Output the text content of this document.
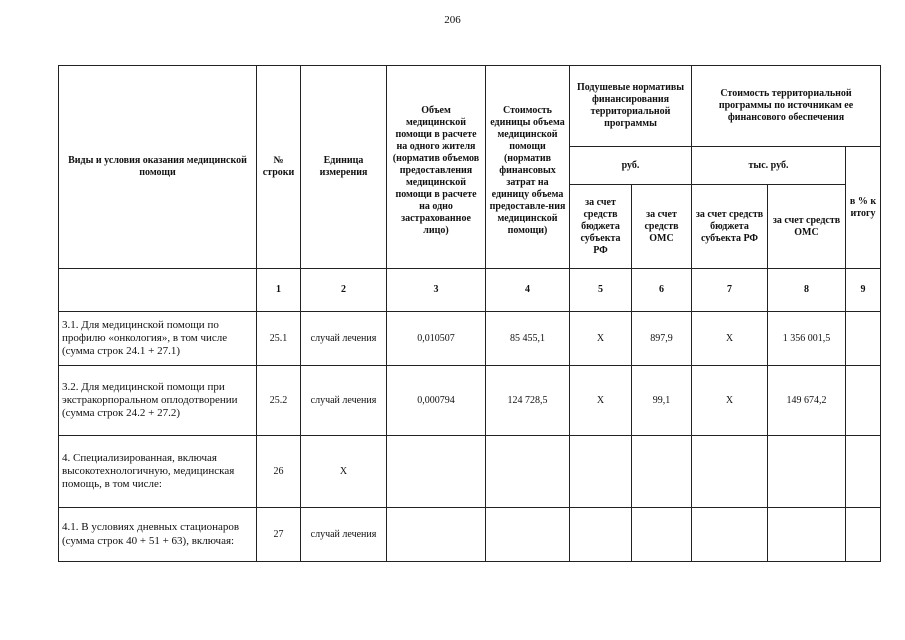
206
Виды и условия оказания медицинской помощи	№ строки	Единица измерения	Объем медицинской помощи в расчете на одного жителя (норматив объемов предоставления медицинской помощи в расчете на одно застрахованное лицо)	Стоимость единицы объема медицинской помощи (норматив финансовых затрат на единицу объема предоставле-ния медицинской помощи)	Подушевые нормативы финансирования территориальной программы		Стоимость территориальной программы по источникам ее финансового обеспечения		
					руб.		тыс. руб.		в % к итогу
					за счет средств бюджета субъекта РФ	за счет средств ОМС	за счет средств бюджета субъекта РФ	за счет средств ОМС	
	1	2	3	4	5	6	7	8	9
3.1. Для медицинской помощи по профилю «онкология», в том числе (сумма строк 24.1 + 27.1)	25.1	случай лечения	0,010507	85 455,1	X	897,9	X	1 356 001,5	
3.2. Для медицинской помощи при экстракорпоральном оплодотворении (сумма строк 24.2 + 27.2)	25.2	случай лечения	0,000794	124 728,5	X	99,1	X	149 674,2	
4. Специализированная, включая высокотехнологичную, медицинская помощь, в том числе:	26	X							
4.1. В условиях дневных стационаров (сумма строк 40 + 51 + 63), включая:	27	случай лечения							
